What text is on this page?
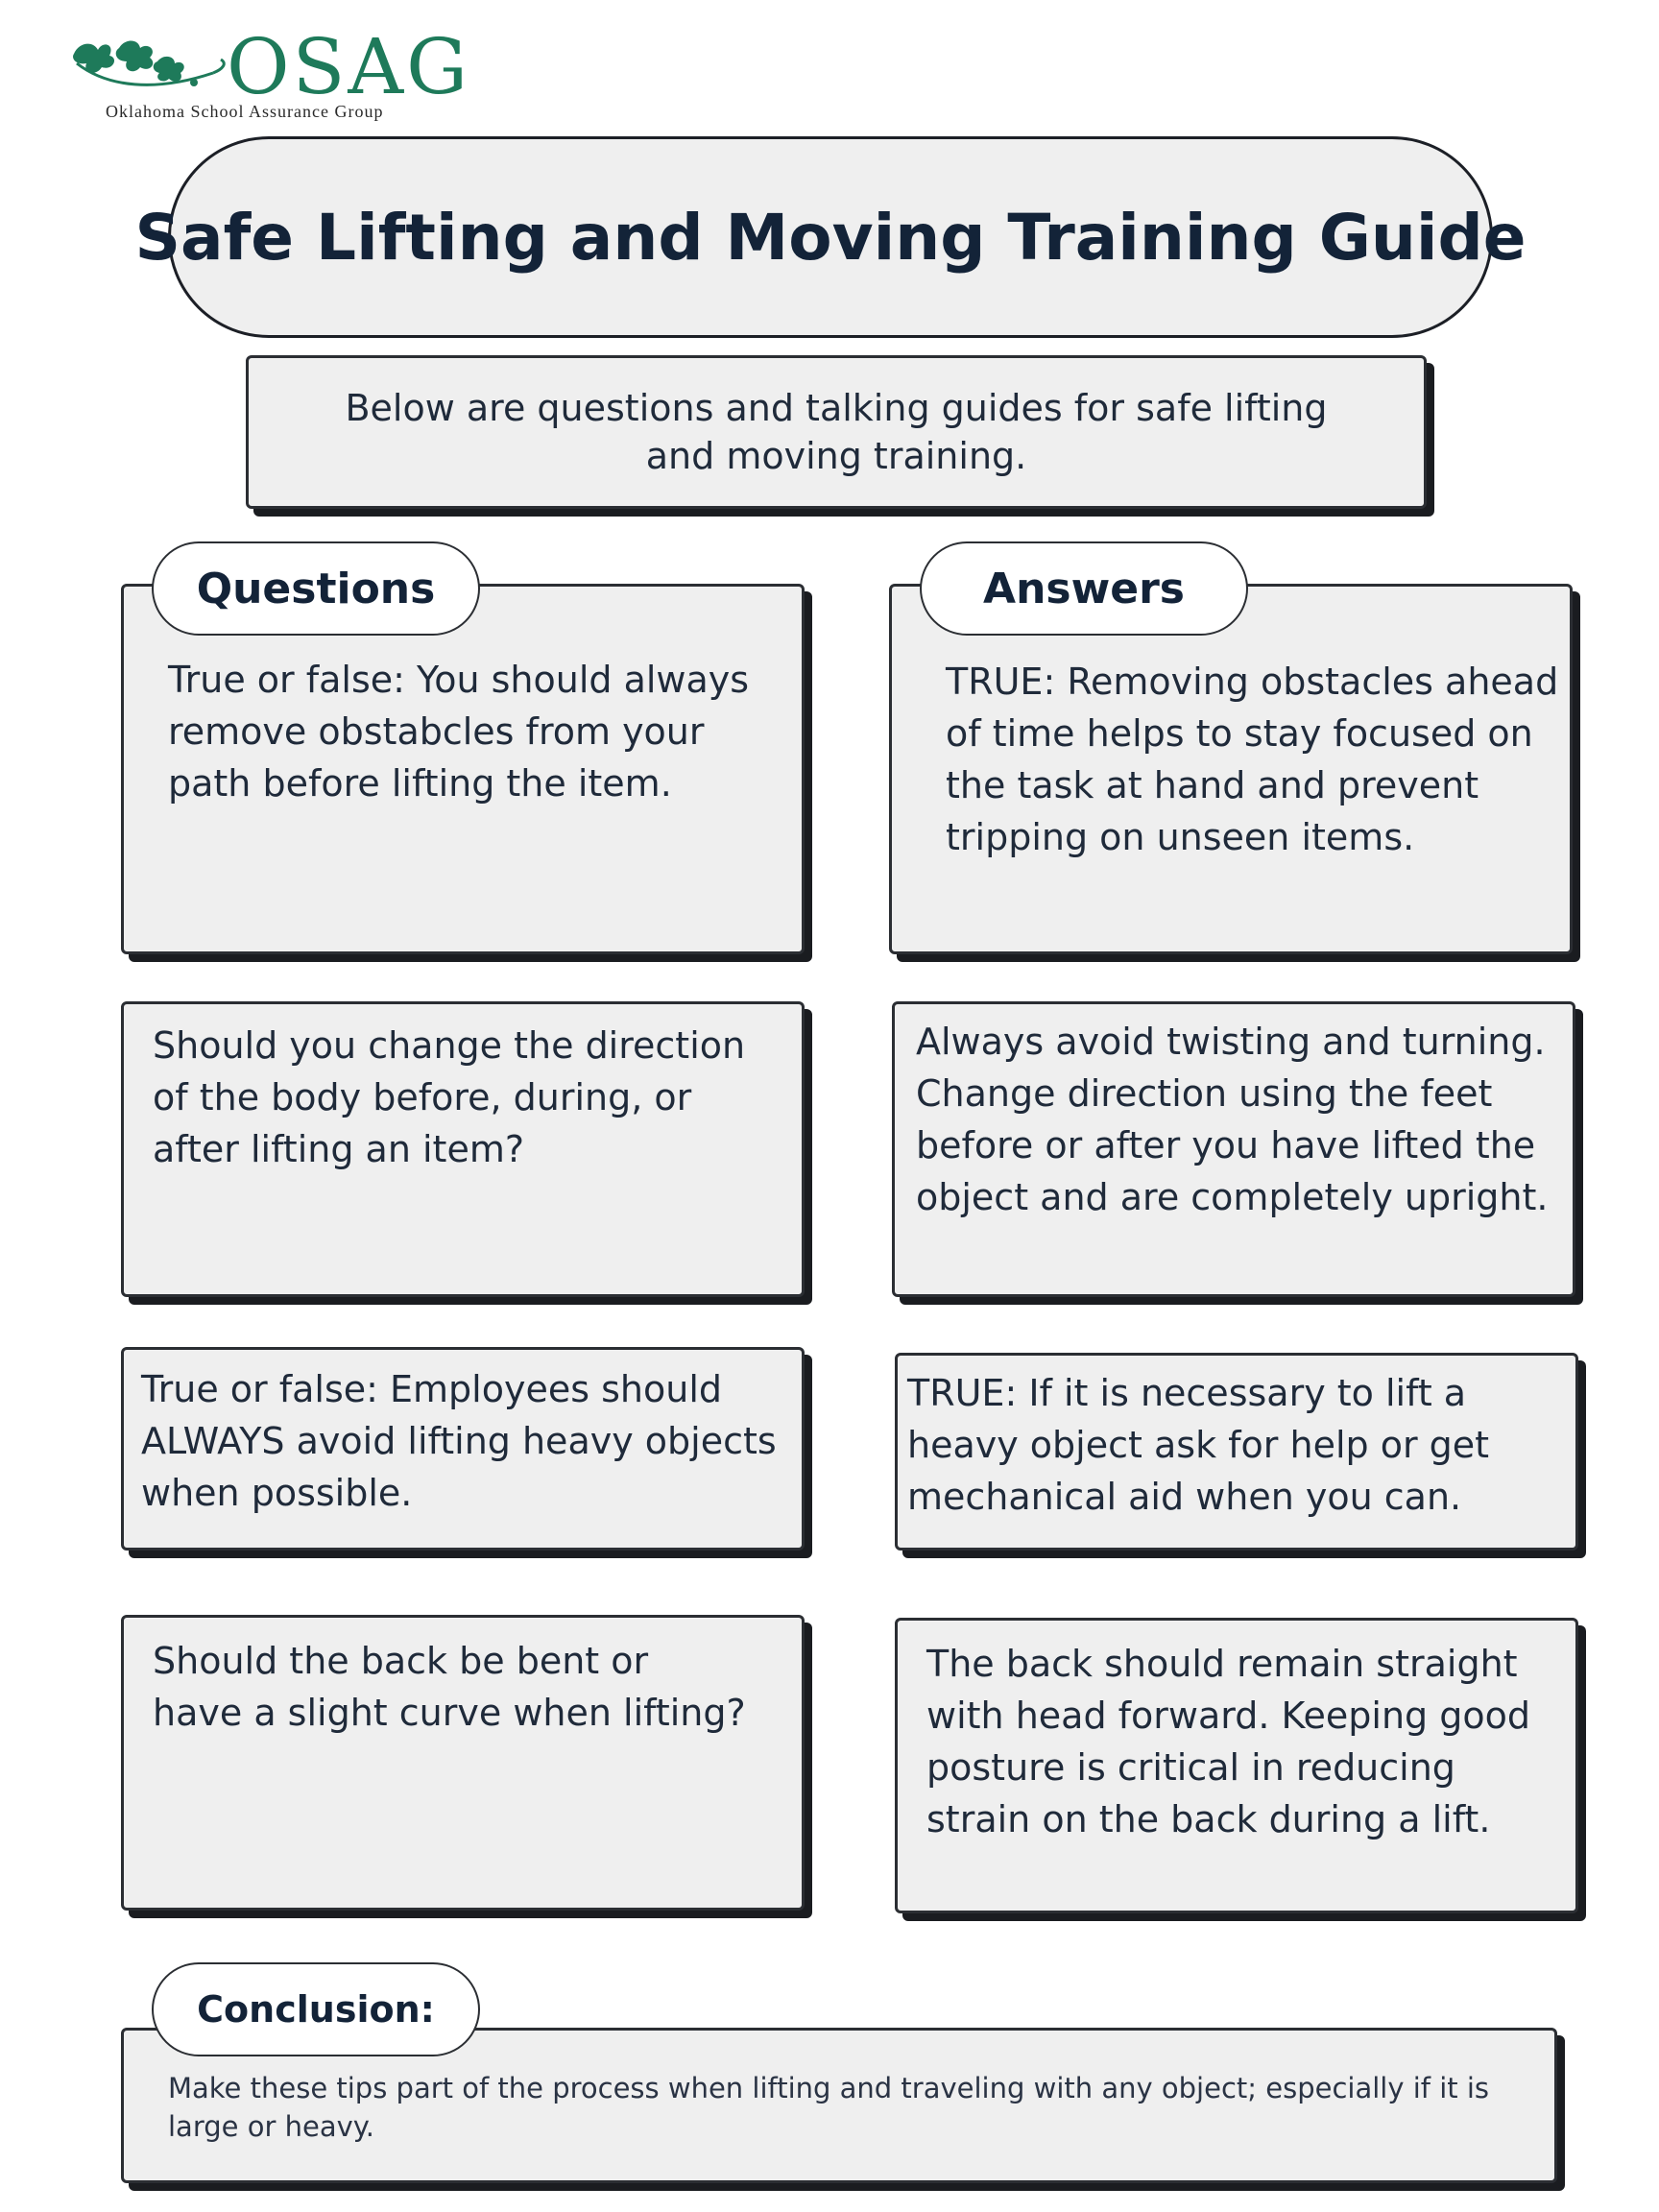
OSAG
Oklahoma School Assurance Group
Safe Lifting and Moving Training Guide
Below are questions and talking guides for safe lifting and moving training.
True or false: You should always remove obstabcles from your path before lifting the item.
Should you change the direction of the body before, during, or after lifting an item?
True or false: Employees should ALWAYS avoid lifting heavy objects when possible.
Should the back be bent or have a slight curve when lifting?
TRUE: Removing obstacles ahead of time helps to stay focused on the task at hand and prevent tripping on unseen items.
Always avoid twisting and turning. Change direction using the feet before or after you have lifted the object and are completely upright.
TRUE: If it is necessary to lift a heavy object ask for help or get mechanical aid when you can.
The back should remain straight with head forward. Keeping good posture is critical in reducing strain on the back during a lift.
Questions	Answers
Make these tips part of the process when lifting and traveling with any object; especially if it is large or heavy.
Conclusion:
